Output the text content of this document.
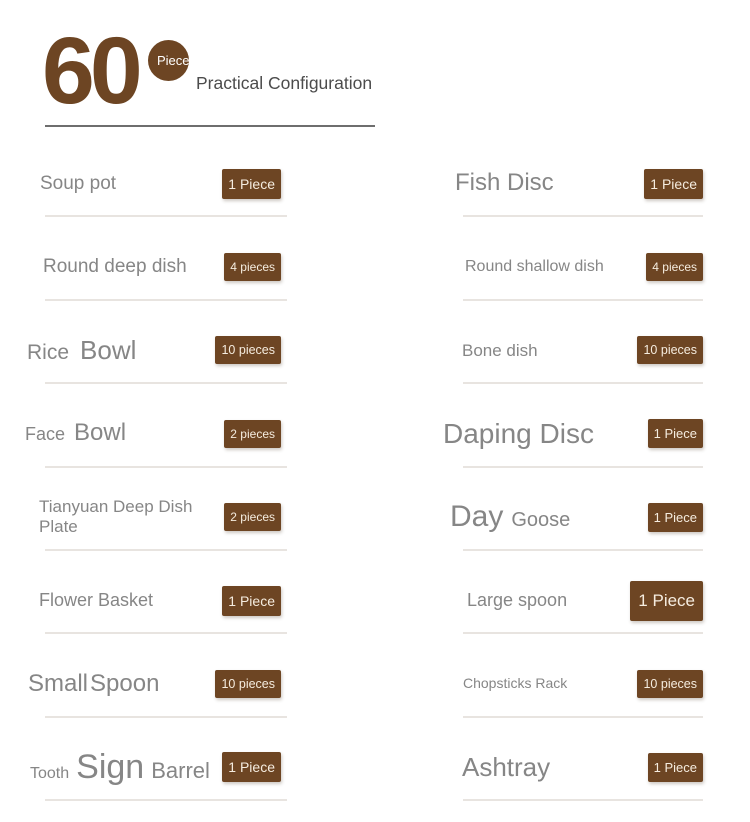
60	Pieces
Practical Configuration
Soup pot	1 Piece
Round deep dish	4 pieces
Rice Bowl	10 pieces
Face Bowl	2 pieces
Tianyuan Deep Dish Plate	2 pieces
Flower Basket	1 Piece
SmallSpoon	10 pieces
Tooth Sign Barrel	1 Piece
Fish Disc	1 Piece
Round shallow dish	4 pieces
Bone dish	10 pieces
Daping Disc	1 Piece
Day Goose	1 Piece
Large spoon	1 Piece
Chopsticks Rack	10 pieces
Ashtray	1 Piece
